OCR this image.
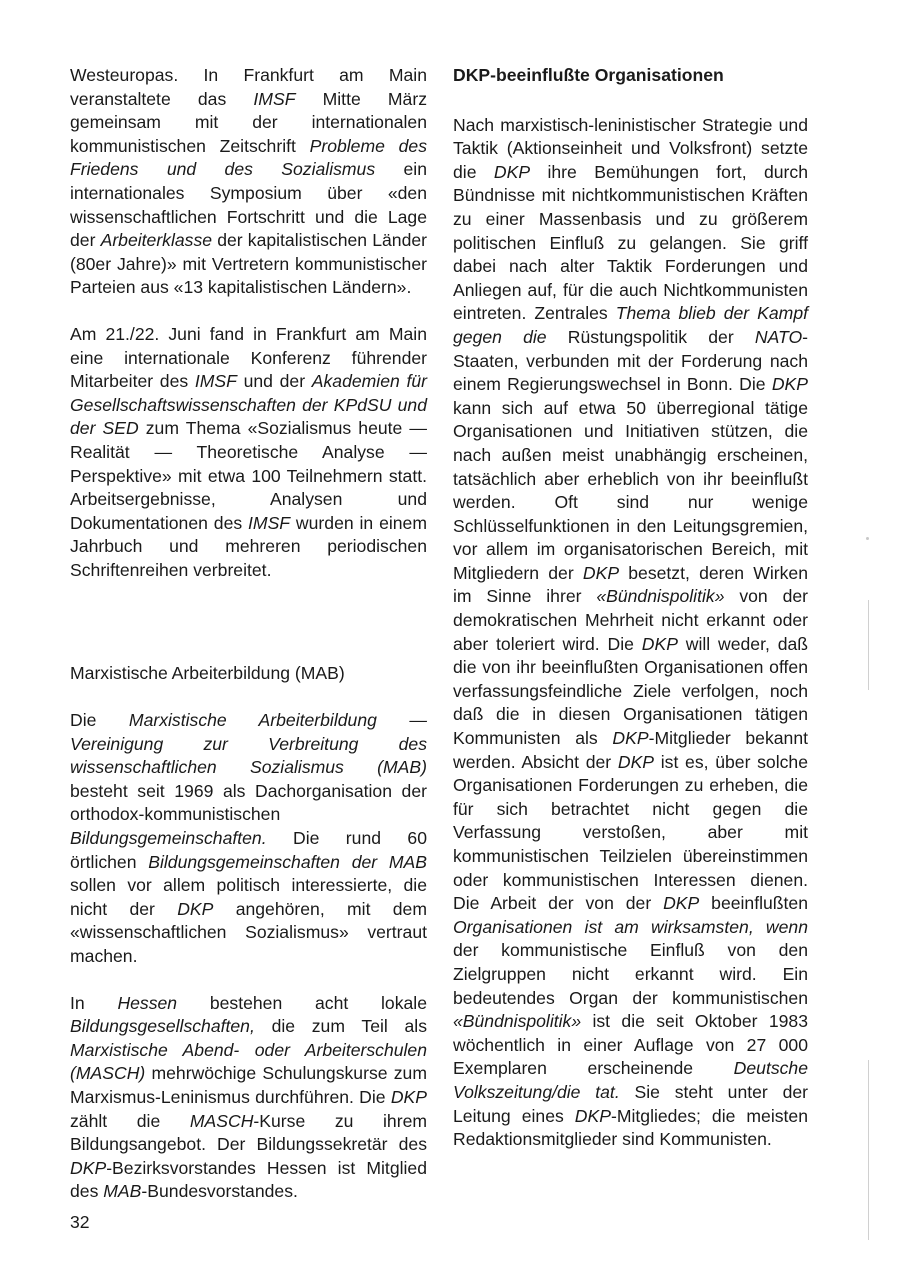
Westeuropas. In Frankfurt am Main veranstaltete das IMSF Mitte März gemeinsam mit der internationalen kommunistischen Zeitschrift Probleme des Friedens und des Sozialismus ein internationales Symposium über «den wissenschaftlichen Fortschritt und die Lage der Arbeiterklasse der kapitalistischen Länder (80er Jahre)» mit Vertretern kommunistischer Parteien aus «13 kapitalistischen Ländern».

Am 21./22. Juni fand in Frankfurt am Main eine internationale Konferenz führender Mitarbeiter des IMSF und der Akademien für Gesellschaftswissenschaften der KPdSU und der SED zum Thema «Sozialismus heute — Realität — Theoretische Analyse — Perspektive» mit etwa 100 Teilnehmern statt. Arbeitsergebnisse, Analysen und Dokumentationen des IMSF wurden in einem Jahrbuch und mehreren periodischen Schriftenreihen verbreitet.

Marxistische Arbeiterbildung (MAB)

Die Marxistische Arbeiterbildung — Vereinigung zur Verbreitung des wissenschaftlichen Sozialismus (MAB) besteht seit 1969 als Dachorganisation der orthodox-kommunistischen Bildungsgemeinschaften. Die rund 60 örtlichen Bildungsgemeinschaften der MAB sollen vor allem politisch interessierte, die nicht der DKP angehören, mit dem «wissenschaftlichen Sozialismus» vertraut machen.

In Hessen bestehen acht lokale Bildungsgesellschaften, die zum Teil als Marxistische Abend- oder Arbeiterschulen (MASCH) mehrwöchige Schulungskurse zum Marxismus-Leninismus durchführen. Die DKP zählt die MASCH-Kurse zu ihrem Bildungsangebot. Der Bildungssekretär des DKP-Bezirksvorstandes Hessen ist Mitglied des MAB-Bundesvorstandes.

DKP-beeinflußte Organisationen

Nach marxistisch-leninistischer Strategie und Taktik (Aktionseinheit und Volksfront) setzte die DKP ihre Bemühungen fort, durch Bündnisse mit nichtkommunistischen Kräften zu einer Massenbasis und zu größerem politischen Einfluß zu gelangen. Sie griff dabei nach alter Taktik Forderungen und Anliegen auf, für die auch Nichtkommunisten eintreten. Zentrales Thema blieb der Kampf gegen die Rüstungspolitik der NATO-Staaten, verbunden mit der Forderung nach einem Regierungswechsel in Bonn. Die DKP kann sich auf etwa 50 überregional tätige Organisationen und Initiativen stützen, die nach außen meist unabhängig erscheinen, tatsächlich aber erheblich von ihr beeinflußt werden. Oft sind nur wenige Schlüsselfunktionen in den Leitungsgremien, vor allem im organisatorischen Bereich, mit Mitgliedern der DKP besetzt, deren Wirken im Sinne ihrer «Bündnispolitik» von der demokratischen Mehrheit nicht erkannt oder aber toleriert wird. Die DKP will weder, daß die von ihr beeinflußten Organisationen offen verfassungsfeindliche Ziele verfolgen, noch daß die in diesen Organisationen tätigen Kommunisten als DKP-Mitglieder bekannt werden. Absicht der DKP ist es, über solche Organisationen Forderungen zu erheben, die für sich betrachtet nicht gegen die Verfassung verstoßen, aber mit kommunistischen Teilzielen übereinstimmen oder kommunistischen Interessen dienen. Die Arbeit der von der DKP beeinflußten Organisationen ist am wirksamsten, wenn der kommunistische Einfluß von den Zielgruppen nicht erkannt wird. Ein bedeutendes Organ der kommunistischen «Bündnispolitik» ist die seit Oktober 1983 wöchentlich in einer Auflage von 27 000 Exemplaren erscheinende Deutsche Volkszeitung/die tat. Sie steht unter der Leitung eines DKP-Mitgliedes; die meisten Redaktionsmitglieder sind Kommunisten.

32
